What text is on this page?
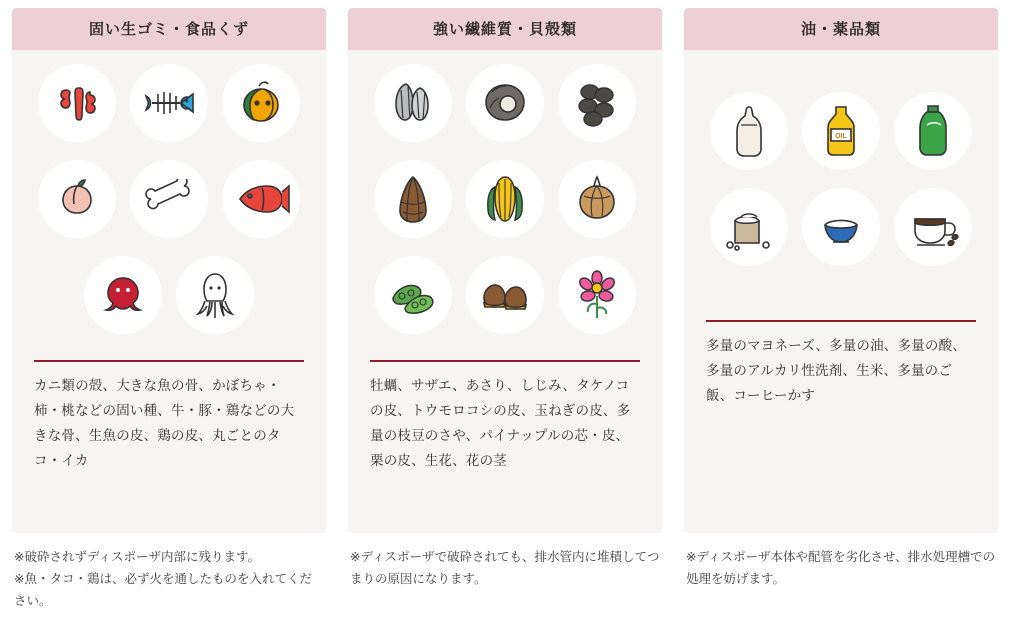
固い生ゴミ・食品くず
カニ類の殻、大きな魚の骨、かぼちゃ・柿・桃などの固い種、牛・豚・鶏などの大きな骨、生魚の皮、鶏の皮、丸ごとのタコ・イカ
※破砕されずディスポーザ内部に残ります。
※魚・タコ・鶏は、必ず火を通したものを入れてください。
強い繊維質・貝殻類
牡蠣、サザエ、あさり、しじみ、タケノコの皮、トウモロコシの皮、玉ねぎの皮、多量の枝豆のさや、パイナップルの芯・皮、栗の皮、生花、花の茎
※ディスポーザで破砕されても、排水管内に堆積してつまりの原因になります。
油・薬品類
OIL
多量のマヨネーズ、多量の油、多量の酸、多量のアルカリ性洗剤、生米、多量のご飯、コーヒーかす
※ディスポーザ本体や配管を劣化させ、排水処理槽での処理を妨げます。
